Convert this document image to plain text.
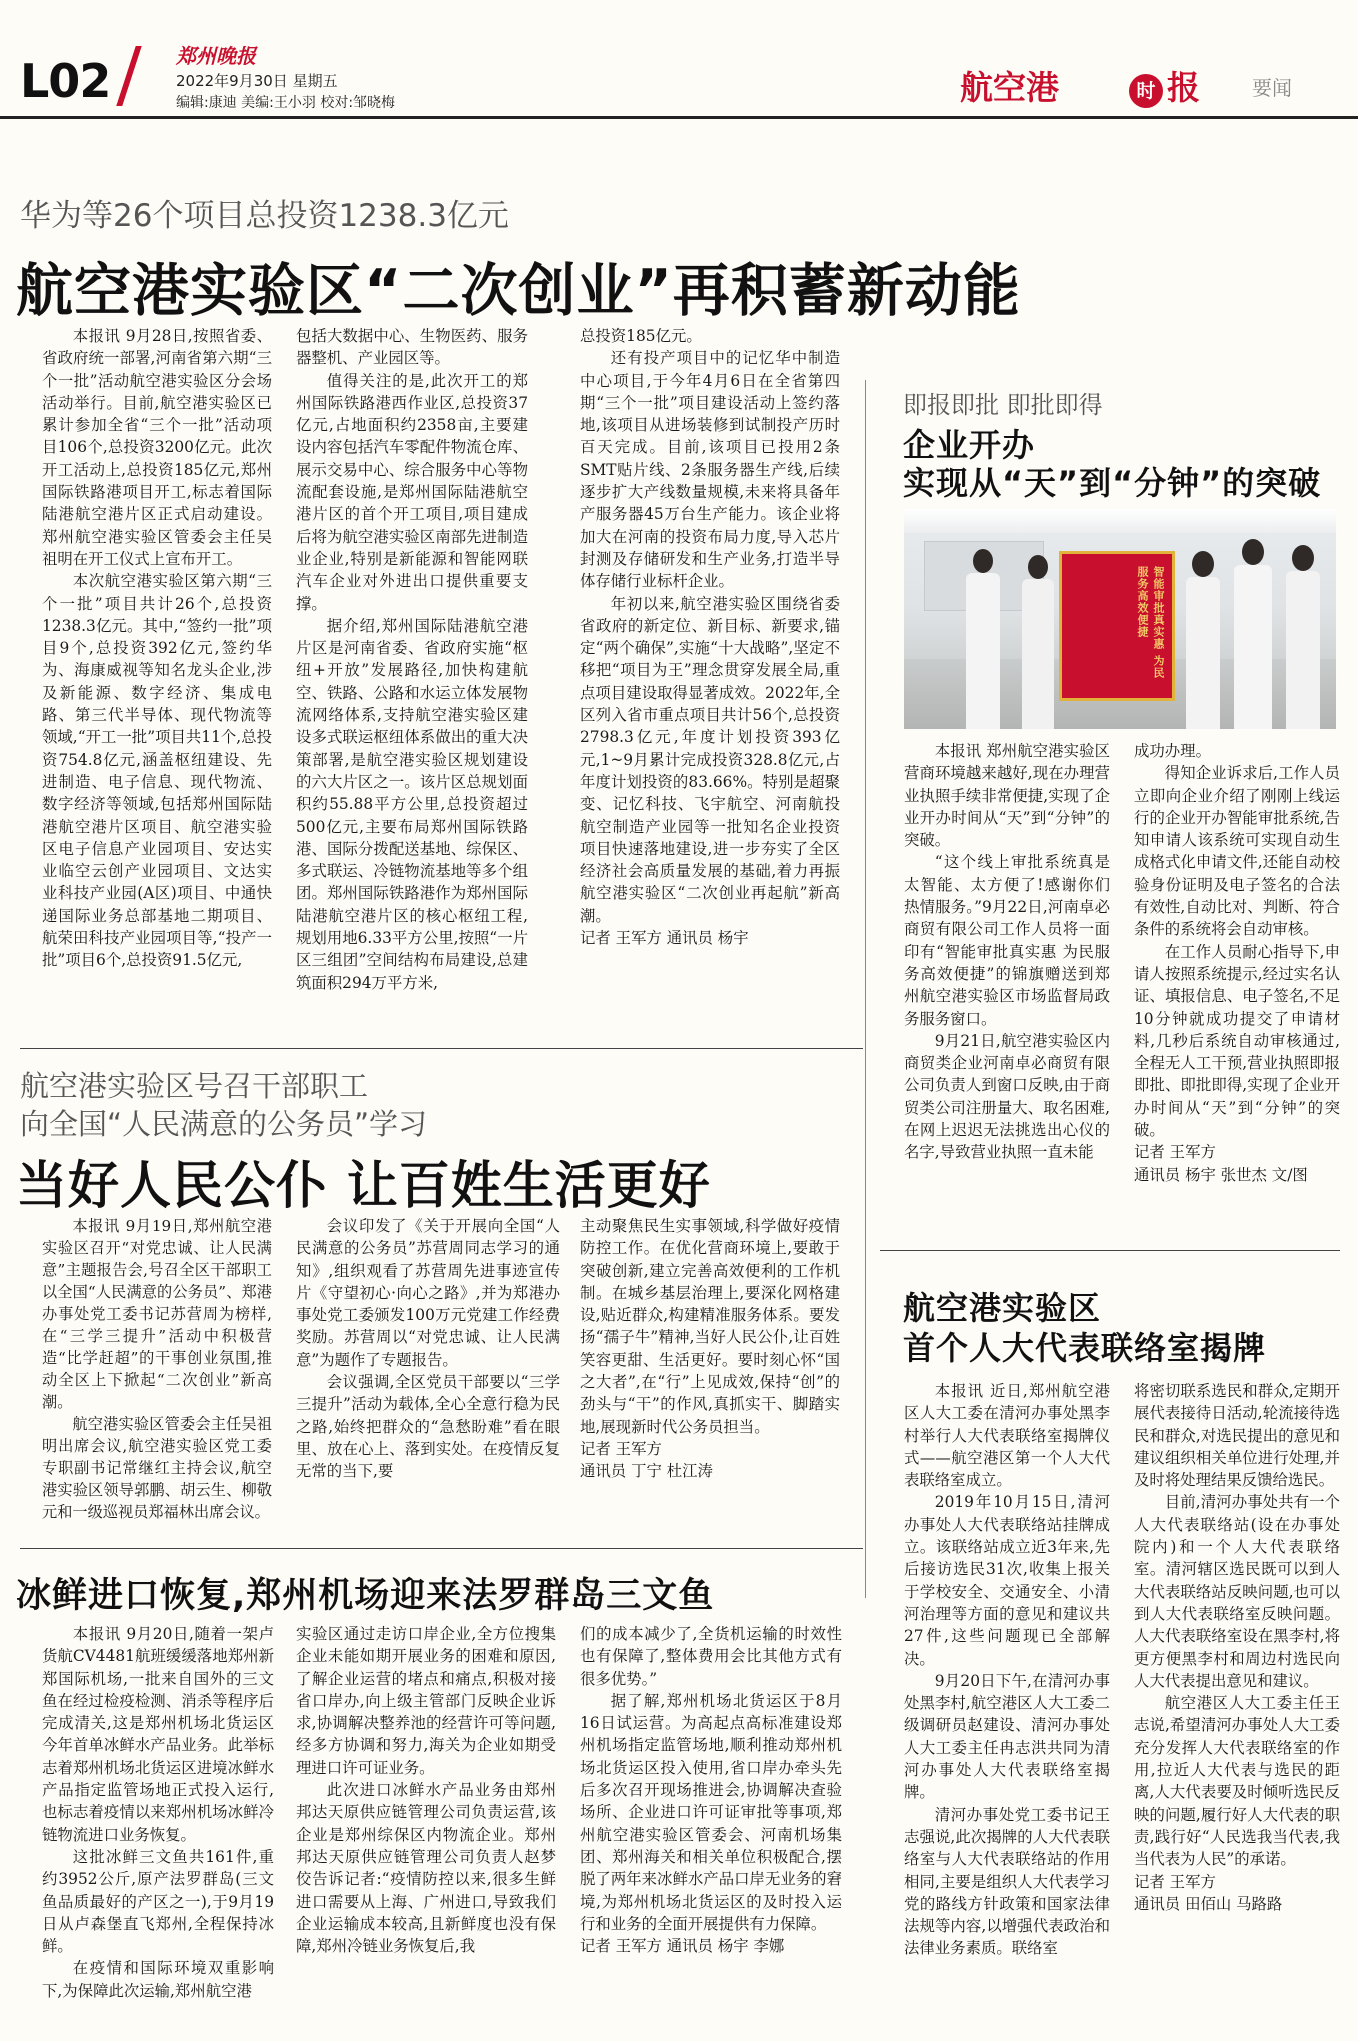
L02	郑州晚报
2022年9月30日 星期五
编辑:康迪 美编:王小羽 校对:邹晓梅	航空港	时 报	要闻
华为等26个项目总投资1238.3亿元
航空港实验区“二次创业”再积蓄新动能

本报讯 9月28日,按照省委、省政府统一部署,河南省第六期“三个一批”活动航空港实验区分会场活动举行。目前,航空港实验区已累计参加全省“三个一批”活动项目106个,总投资3200亿元。此次开工活动上,总投资185亿元,郑州国际铁路港项目开工,标志着国际陆港航空港片区正式启动建设。郑州航空港实验区管委会主任吴祖明在开工仪式上宣布开工。

本次航空港实验区第六期“三个一批”项目共计26个,总投资1238.3亿元。其中,“签约一批”项目9个,总投资392亿元,签约华为、海康威视等知名龙头企业,涉及新能源、数字经济、集成电路、第三代半导体、现代物流等领域,“开工一批”项目共11个,总投资754.8亿元,涵盖枢纽建设、先进制造、电子信息、现代物流、数字经济等领域,包括郑州国际陆港航空港片区项目、航空港实验区电子信息产业园项目、安达实业临空云创产业园项目、文达实业科技产业园(A区)项目、中通快递国际业务总部基地二期项目、航荣田科技产业园项目等,“投产一批”项目6个,总投资91.5亿元,

包括大数据中心、生物医药、服务器整机、产业园区等。

值得关注的是,此次开工的郑州国际铁路港西作业区,总投资37亿元,占地面积约2358亩,主要建设内容包括汽车零配件物流仓库、展示交易中心、综合服务中心等物流配套设施,是郑州国际陆港航空港片区的首个开工项目,项目建成后将为航空港实验区南部先进制造业企业,特别是新能源和智能网联汽车企业对外进出口提供重要支撑。

据介绍,郑州国际陆港航空港片区是河南省委、省政府实施“枢纽+开放”发展路径,加快构建航空、铁路、公路和水运立体发展物流网络体系,支持航空港实验区建设多式联运枢纽体系做出的重大决策部署,是航空港实验区规划建设的六大片区之一。该片区总规划面积约55.88平方公里,总投资超过500亿元,主要布局郑州国际铁路港、国际分拨配送基地、综保区、多式联运、冷链物流基地等多个组团。郑州国际铁路港作为郑州国际陆港航空港片区的核心枢纽工程,规划用地6.33平方公里,按照“一片区三组团”空间结构布局建设,总建筑面积294万平方米,

总投资185亿元。

还有投产项目中的记忆华中制造中心项目,于今年4月6日在全省第四期“三个一批”项目建设活动上签约落地,该项目从进场装修到试制投产历时百天完成。目前,该项目已投用2条SMT贴片线、2条服务器生产线,后续逐步扩大产线数量规模,未来将具备年产服务器45万台生产能力。该企业将加大在河南的投资布局力度,导入芯片封测及存储研发和生产业务,打造半导体存储行业标杆企业。

年初以来,航空港实验区围绕省委省政府的新定位、新目标、新要求,锚定“两个确保”,实施“十大战略”,坚定不移把“项目为王”理念贯穿发展全局,重点项目建设取得显著成效。2022年,全区列入省市重点项目共计56个,总投资2798.3亿元,年度计划投资393亿元,1~9月累计完成投资328.8亿元,占年度计划投资的83.66%。特别是超聚变、记忆科技、飞宇航空、河南航投航空制造产业园等一批知名企业投资项目快速落地建设,进一步夯实了全区经济社会高质量发展的基础,着力再振航空港实验区“二次创业再起航”新高潮。

记者 王军方 通讯员 杨宇

即报即批 即批即得
企业开办
实现从“天”到“分钟”的突破
智能审批真实惠 为民服务高效便捷

本报讯 郑州航空港实验区营商环境越来越好,现在办理营业执照手续非常便捷,实现了企业开办时间从“天”到“分钟”的突破。

“这个线上审批系统真是太智能、太方便了!感谢你们热情服务。”9月22日,河南卓必商贸有限公司工作人员将一面印有“智能审批真实惠 为民服务高效便捷”的锦旗赠送到郑州航空港实验区市场监督局政务服务窗口。

9月21日,航空港实验区内商贸类企业河南卓必商贸有限公司负责人到窗口反映,由于商贸类公司注册量大、取名困难,在网上迟迟无法挑选出心仪的名字,导致营业执照一直未能

成功办理。

得知企业诉求后,工作人员立即向企业介绍了刚刚上线运行的企业开办智能审批系统,告知申请人该系统可实现自动生成格式化申请文件,还能自动校验身份证明及电子签名的合法有效性,自动比对、判断、符合条件的系统将会自动审核。

在工作人员耐心指导下,申请人按照系统提示,经过实名认证、填报信息、电子签名,不足10分钟就成功提交了申请材料,几秒后系统自动审核通过,全程无人工干预,营业执照即报即批、即批即得,实现了企业开办时间从“天”到“分钟”的突破。

记者 王军方

通讯员 杨宇 张世杰 文/图

航空港实验区号召干部职工
向全国“人民满意的公务员”学习
当好人民公仆 让百姓生活更好

本报讯 9月19日,郑州航空港实验区召开“对党忠诚、让人民满意”主题报告会,号召全区干部职工以全国“人民满意的公务员”、郑港办事处党工委书记苏营周为榜样,在“三学三提升”活动中积极营造“比学赶超”的干事创业氛围,推动全区上下掀起“二次创业”新高潮。

航空港实验区管委会主任吴祖明出席会议,航空港实验区党工委专职副书记常继红主持会议,航空港实验区领导郭鹏、胡云生、柳敬元和一级巡视员郑福林出席会议。

会议印发了《关于开展向全国“人民满意的公务员”苏营周同志学习的通知》,组织观看了苏营周先进事迹宣传片《守望初心·向心之路》,并为郑港办事处党工委颁发100万元党建工作经费奖励。苏营周以“对党忠诚、让人民满意”为题作了专题报告。

会议强调,全区党员干部要以“三学三提升”活动为载体,全心全意行稳为民之路,始终把群众的“急愁盼难”看在眼里、放在心上、落到实处。在疫情反复无常的当下,要

主动聚焦民生实事领域,科学做好疫情防控工作。在优化营商环境上,要敢于突破创新,建立完善高效便利的工作机制。在城乡基层治理上,要深化网格建设,贴近群众,构建精准服务体系。要发扬“孺子牛”精神,当好人民公仆,让百姓笑容更甜、生活更好。要时刻心怀“国之大者”,在“行”上见成效,保持“创”的劲头与“干”的作风,真抓实干、脚踏实地,展现新时代公务员担当。

记者 王军方

通讯员 丁宁 杜江涛

冰鲜进口恢复,郑州机场迎来法罗群岛三文鱼

本报讯 9月20日,随着一架卢货航CV4481航班缓缓落地郑州新郑国际机场,一批来自国外的三文鱼在经过检疫检测、消杀等程序后完成清关,这是郑州机场北货运区今年首单冰鲜水产品业务。此举标志着郑州机场北货运区进境冰鲜水产品指定监管场地正式投入运行,也标志着疫情以来郑州机场冰鲜冷链物流进口业务恢复。

这批冰鲜三文鱼共161件,重约3952公斤,原产法罗群岛(三文鱼品质最好的产区之一),于9月19日从卢森堡直飞郑州,全程保持冰鲜。

在疫情和国际环境双重影响下,为保障此次运输,郑州航空港

实验区通过走访口岸企业,全方位搜集企业未能如期开展业务的困难和原因,了解企业运营的堵点和痛点,积极对接省口岸办,向上级主管部门反映企业诉求,协调解决整养池的经营许可等问题,经多方协调和努力,海关为企业如期受理进口许可证业务。

此次进口冰鲜水产品业务由郑州邦达天原供应链管理公司负责运营,该企业是郑州综保区内物流企业。郑州邦达天原供应链管理公司负责人赵梦佼告诉记者:“疫情防控以来,很多生鲜进口需要从上海、广州进口,导致我们企业运输成本较高,且新鲜度也没有保障,郑州冷链业务恢复后,我

们的成本减少了,全货机运输的时效性也有保障了,整体费用会比其他方式有很多优势。”

据了解,郑州机场北货运区于8月16日试运营。为高起点高标准建设郑州机场指定监管场地,顺利推动郑州机场北货运区投入使用,省口岸办牵头先后多次召开现场推进会,协调解决查验场所、企业进口许可证审批等事项,郑州航空港实验区管委会、河南机场集团、郑州海关和相关单位积极配合,摆脱了两年来冰鲜水产品口岸无业务的窘境,为郑州机场北货运区的及时投入运行和业务的全面开展提供有力保障。

记者 王军方 通讯员 杨宇 李娜

航空港实验区
首个人大代表联络室揭牌

本报讯 近日,郑州航空港区人大工委在清河办事处黑李村举行人大代表联络室揭牌仪式——航空港区第一个人大代表联络室成立。

2019年10月15日,清河办事处人大代表联络站挂牌成立。该联络站成立近3年来,先后接访选民31次,收集上报关于学校安全、交通安全、小清河治理等方面的意见和建议共27件,这些问题现已全部解决。

9月20日下午,在清河办事处黑李村,航空港区人大工委二级调研员赵建设、清河办事处人大工委主任冉志洪共同为清河办事处人大代表联络室揭牌。

清河办事处党工委书记王志强说,此次揭牌的人大代表联络室与人大代表联络站的作用相同,主要是组织人大代表学习党的路线方针政策和国家法律法规等内容,以增强代表政治和法律业务素质。联络室

将密切联系选民和群众,定期开展代表接待日活动,轮流接待选民和群众,对选民提出的意见和建议组织相关单位进行处理,并及时将处理结果反馈给选民。

目前,清河办事处共有一个人大代表联络站(设在办事处院内)和一个人大代表联络室。清河辖区选民既可以到人大代表联络站反映问题,也可以到人大代表联络室反映问题。人大代表联络室设在黑李村,将更方便黑李村和周边村选民向人大代表提出意见和建议。

航空港区人大工委主任王志说,希望清河办事处人大工委充分发挥人大代表联络室的作用,拉近人大代表与选民的距离,人大代表要及时倾听选民反映的问题,履行好人大代表的职责,践行好“人民选我当代表,我当代表为人民”的承诺。

记者 王军方

通讯员 田佰山 马路路
